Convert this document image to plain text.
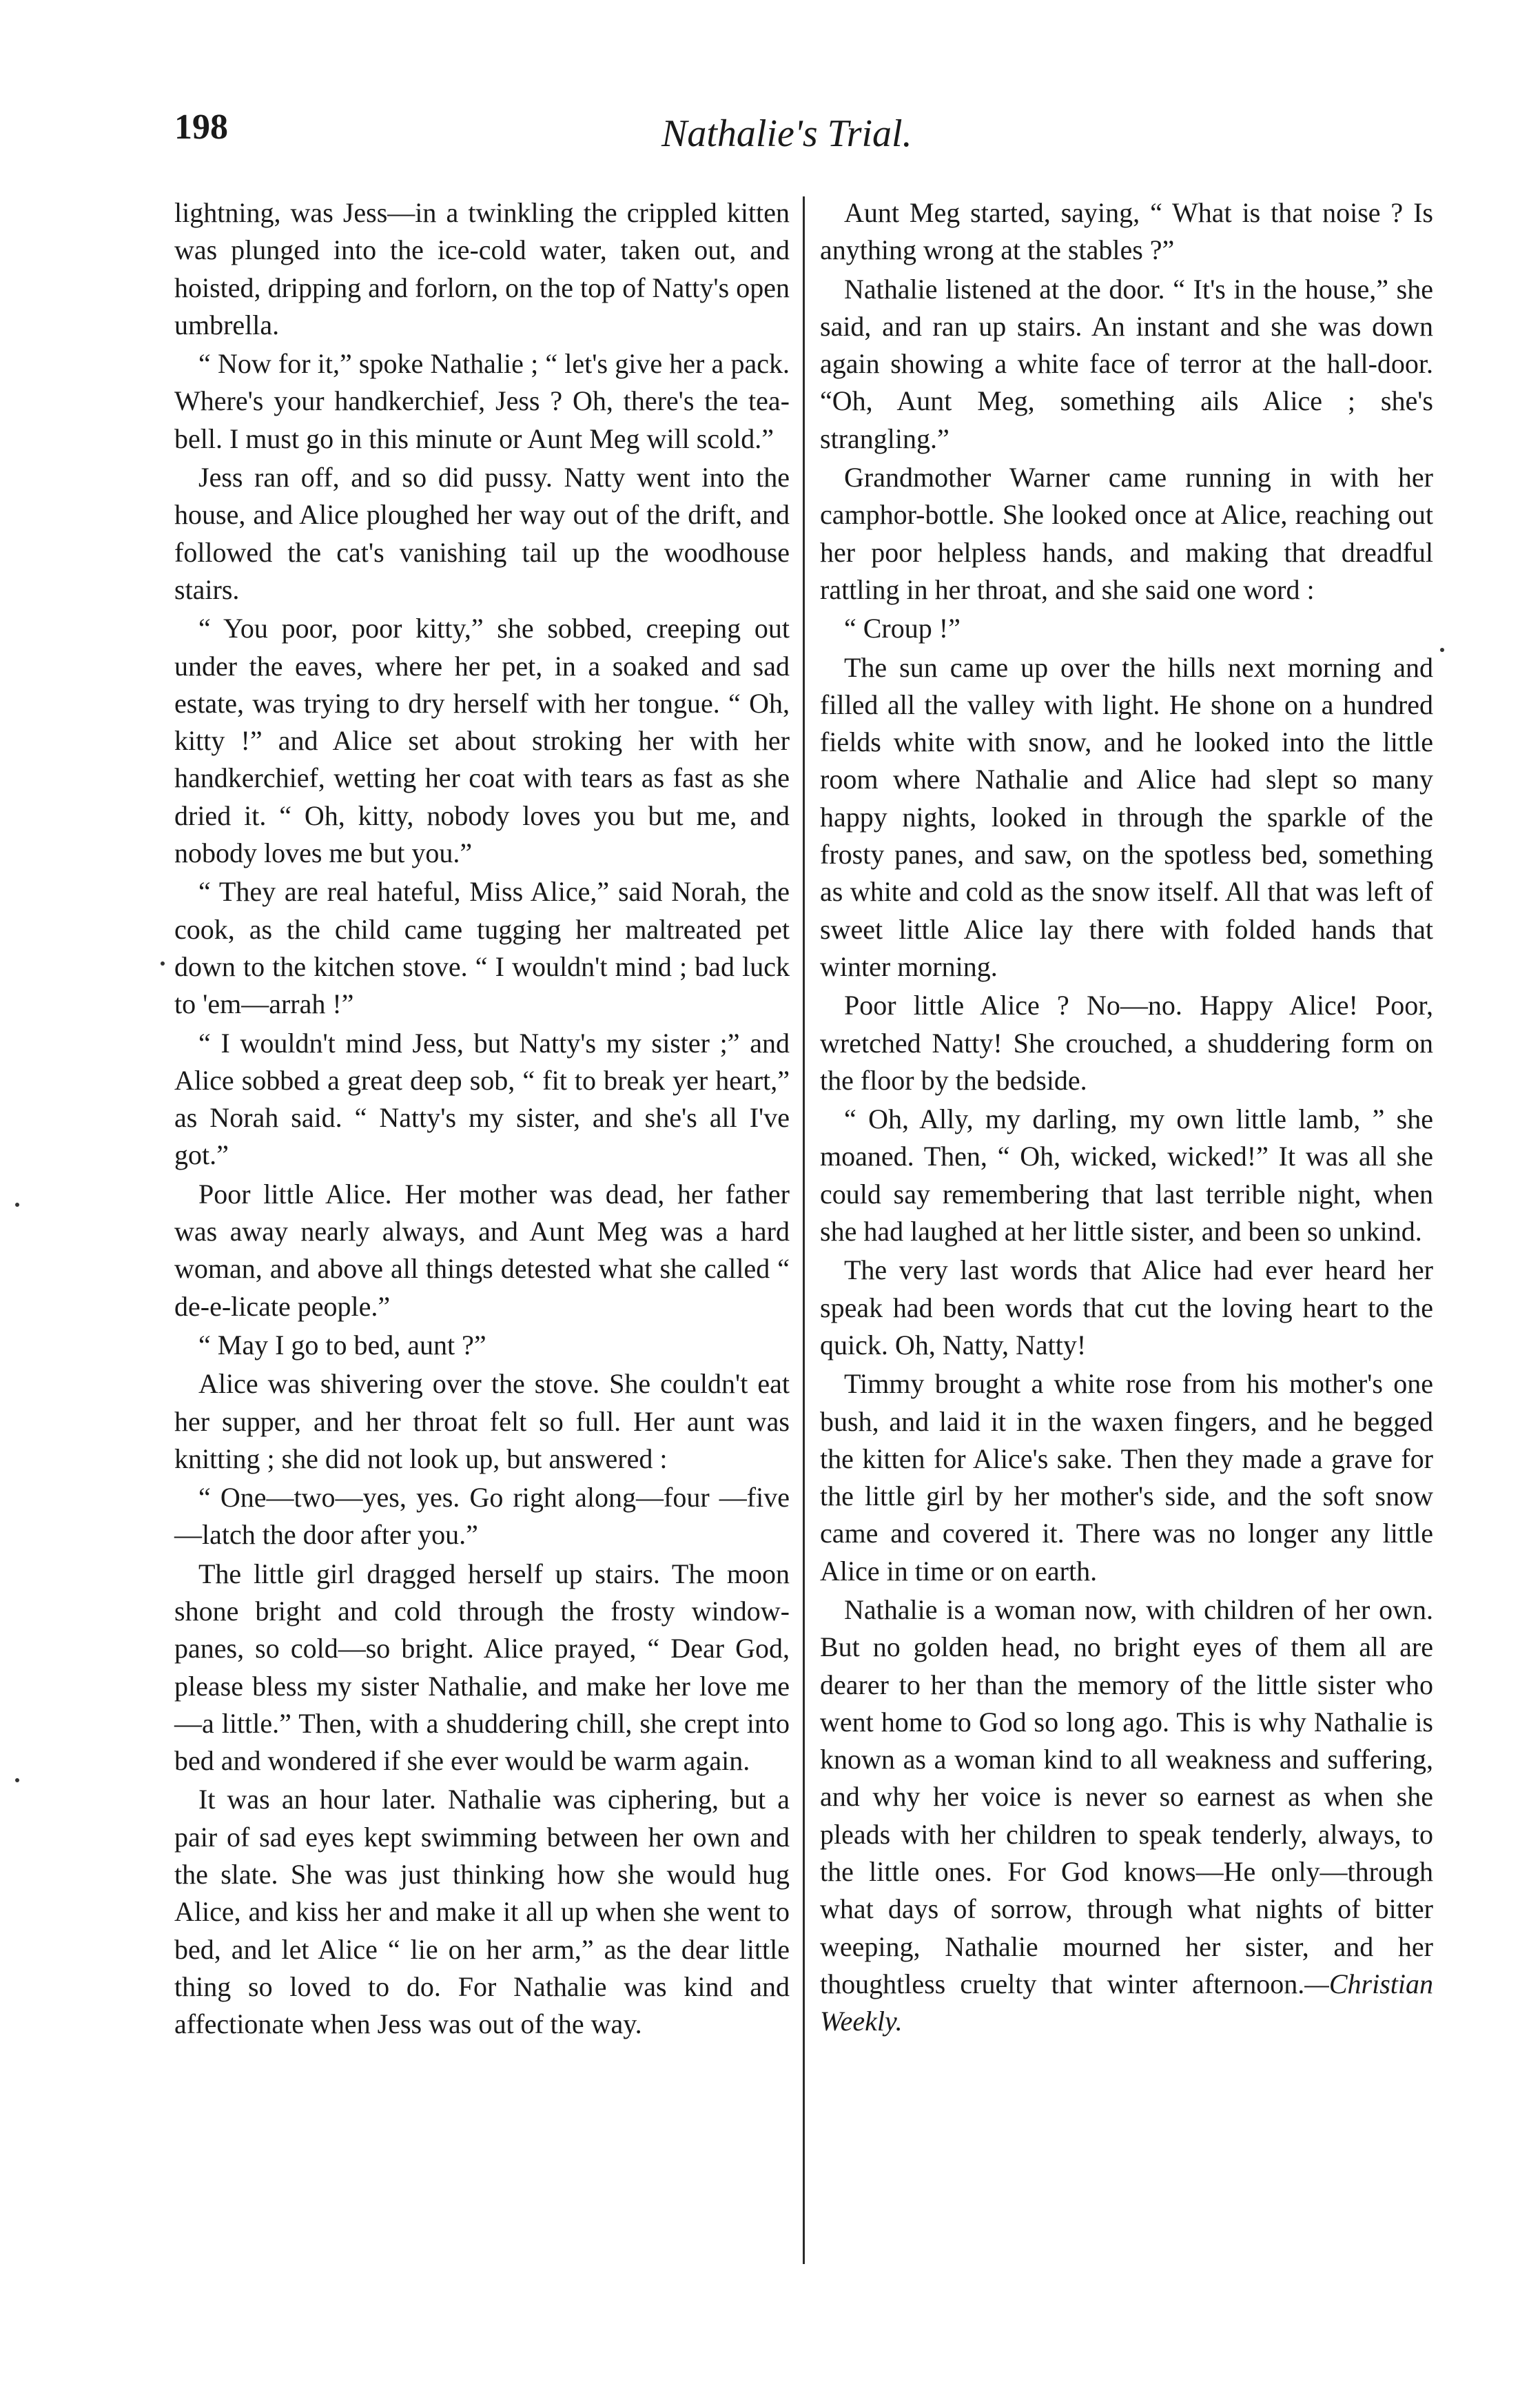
198	Nathalie's Trial.

lightning, was Jess—in a twinkling the crippled kitten was plunged into the ice-cold water, taken out, and hoisted, dripping and forlorn, on the top of Natty's open umbrella.

“ Now for it,” spoke Nathalie ; “ let's give her a pack. Where's your handkerchief, Jess ? Oh, there's the tea-bell. I must go in this minute or Aunt Meg will scold.”

Jess ran off, and so did pussy. Natty went into the house, and Alice ploughed her way out of the drift, and followed the cat's vanishing tail up the woodhouse stairs.

“ You poor, poor kitty,” she sobbed, creeping out under the eaves, where her pet, in a soaked and sad estate, was trying to dry herself with her tongue. “ Oh, kitty !” and Alice set about stroking her with her handkerchief, wetting her coat with tears as fast as she dried it. “ Oh, kitty, nobody loves you but me, and nobody loves me but you.”

“ They are real hateful, Miss Alice,” said Norah, the cook, as the child came tugging her maltreated pet down to the kitchen stove. “ I wouldn't mind ; bad luck to 'em—arrah !”

“ I wouldn't mind Jess, but Natty's my sister ;” and Alice sobbed a great deep sob, “ fit to break yer heart,” as Norah said. “ Natty's my sister, and she's all I've got.”

Poor little Alice. Her mother was dead, her father was away nearly always, and Aunt Meg was a hard woman, and above all things detested what she called “ de-e-licate people.”

“ May I go to bed, aunt ?”

Alice was shivering over the stove. She couldn't eat her supper, and her throat felt so full. Her aunt was knitting ; she did not look up, but answered :

“ One—two—yes, yes. Go right along—four —five—latch the door after you.”

The little girl dragged herself up stairs. The moon shone bright and cold through the frosty window-panes, so cold—so bright. Alice prayed, “ Dear God, please bless my sister Nathalie, and make her love me—a little.” Then, with a shuddering chill, she crept into bed and wondered if she ever would be warm again.

It was an hour later. Nathalie was ciphering, but a pair of sad eyes kept swimming between her own and the slate. She was just thinking how she would hug Alice, and kiss her and make it all up when she went to bed, and let Alice “ lie on her arm,” as the dear little thing so loved to do. For Nathalie was kind and affectionate when Jess was out of the way.

Aunt Meg started, saying, “ What is that noise ? Is anything wrong at the stables ?”

Nathalie listened at the door. “ It's in the house,” she said, and ran up stairs. An instant and she was down again showing a white face of terror at the hall-door. “Oh, Aunt Meg, something ails Alice ; she's strangling.”

Grandmother Warner came running in with her camphor-bottle. She looked once at Alice, reaching out her poor helpless hands, and making that dreadful rattling in her throat, and she said one word :

“ Croup !”

The sun came up over the hills next morning and filled all the valley with light. He shone on a hundred fields white with snow, and he looked into the little room where Nathalie and Alice had slept so many happy nights, looked in through the sparkle of the frosty panes, and saw, on the spotless bed, something as white and cold as the snow itself. All that was left of sweet little Alice lay there with folded hands that winter morning.

Poor little Alice ? No—no. Happy Alice! Poor, wretched Natty! She crouched, a shuddering form on the floor by the bedside.

“ Oh, Ally, my darling, my own little lamb, ” she moaned. Then, “ Oh, wicked, wicked!” It was all she could say remembering that last terrible night, when she had laughed at her little sister, and been so unkind.

The very last words that Alice had ever heard her speak had been words that cut the loving heart to the quick. Oh, Natty, Natty!

Timmy brought a white rose from his mother's one bush, and laid it in the waxen fingers, and he begged the kitten for Alice's sake. Then they made a grave for the little girl by her mother's side, and the soft snow came and covered it. There was no longer any little Alice in time or on earth.

Nathalie is a woman now, with children of her own. But no golden head, no bright eyes of them all are dearer to her than the memory of the little sister who went home to God so long ago. This is why Nathalie is known as a woman kind to all weakness and suffering, and why her voice is never so earnest as when she pleads with her children to speak tenderly, always, to the little ones. For God knows—He only—through what days of sorrow, through what nights of bitter weeping, Nathalie mourned her sister, and her thoughtless cruelty that winter afternoon.—Christian Weekly.
